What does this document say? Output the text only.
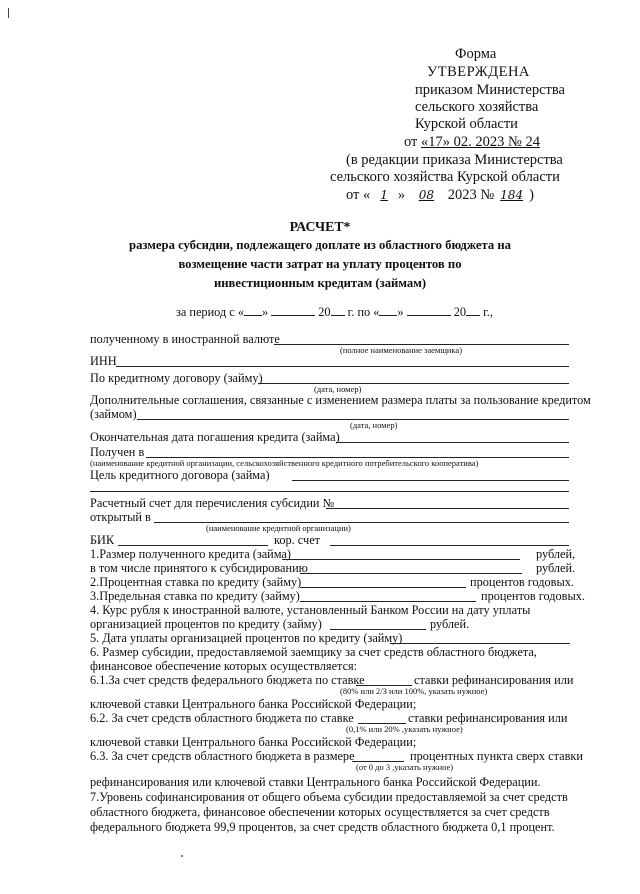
Форма
УТВЕРЖДЕНА
приказом Министерства
сельского хозяйства
Курской области
от «17» 02. 2023 № 24
(в редакции приказа Министерства
сельского хозяйства Курской области
от « 1 » 08 2023 № 184 )
РАСЧЕТ*
размера субсидии, подлежащего доплате из областного бюджета на
возмещение части затрат на уплату процентов по
инвестиционным кредитам (займам)
за период с « »	20 г. по « »	20 г.,
полученному в иностранной валюте
(полное наименование заемщика)
ИНН
По кредитному договору (займу)
(дата, номер)
Дополнительные соглашения, связанные с изменением размера платы за пользование кредитом
(займом)
(дата, номер)
Окончательная дата погашения кредита (займа)
Получен в
(наименование кредитной организации, сельскохозяйственного кредитного потребительского кооператива)
Цель кредитного договора (займа)
Расчетный счет для перечисления субсидии №
открытый в
(наименование кредитной организации)
БИК	кор. счет
1.Размер полученного кредита (займа)	рублей,
в том числе принятого к субсидированию	рублей.
2.Процентная ставка по кредиту (займу)	процентов годовых.
3.Предельная ставка по кредиту (займу)	процентов годовых.
4. Курс рубля к иностранной валюте, установленный Банком России на дату уплаты
организацией процентов по кредиту (займу)	рублей.
5. Дата уплаты организацией процентов по кредиту (займу)
6. Размер субсидии, предоставляемой заемщику за счет средств областного бюджета,
финансовое обеспечение которых осуществляется:
6.1.За счет средств федерального бюджета по ставке	ставки рефинансирования или
(80% или 2/3 или 100%, указать нужное)
ключевой ставки Центрального банка Российской Федерации;
6.2. За счет средств областного бюджета по ставке	ставки рефинансирования или
(0,1% или 20% ,указать нужное)
ключевой ставки Центрального банка Российской Федерации;
6.3. За счет средств областного бюджета в размере	процентных пункта сверх ставки
(от 0 до 3 ,указать нужное)
рефинансирования или ключевой ставки Центрального банка Российской Федерации.
7.Уровень софинансирования от общего объема субсидии предоставляемой за счет средств
областного бюджета, финансовое обеспечении которых осуществляется за счет средств
федерального бюджета 99,9 процентов, за счет средств областного бюджета 0,1 процент.
